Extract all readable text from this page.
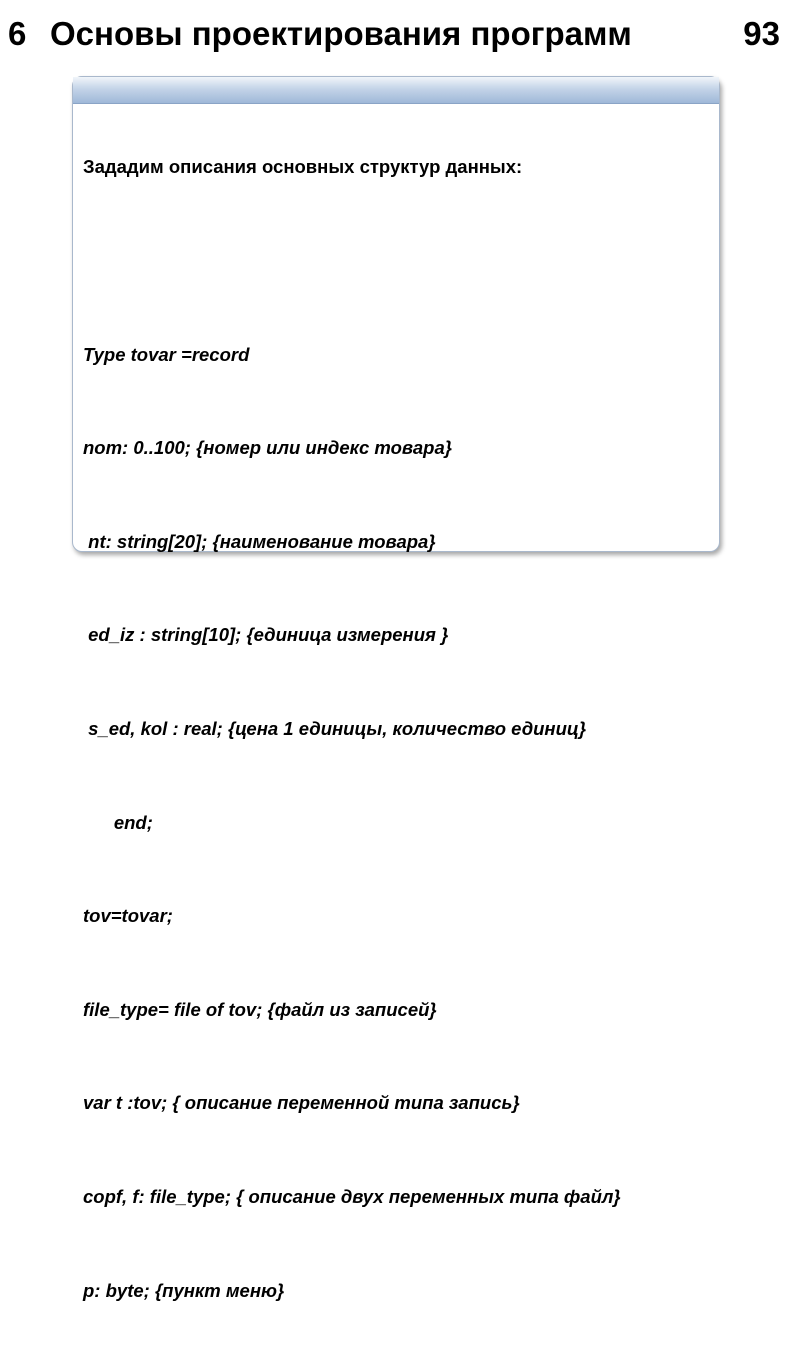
6 Основы проектирования программ	93

Зададим описания основных структур данных:

Type tovar =record

nom: 0..100; {номер или индекс товара}

nt: string[20]; {наименование товара}

ed_iz : string[10]; {единица измерения }

s_ed, kol : real; {цена 1 единицы, количество единиц}

end;

tov=tovar;

file_type= file of tov; {файл из записей}

var t :tov; { описание переменной типа запись}

copf, f: file_type; { описание двух переменных типа файл}

p: byte; {пункт меню}
